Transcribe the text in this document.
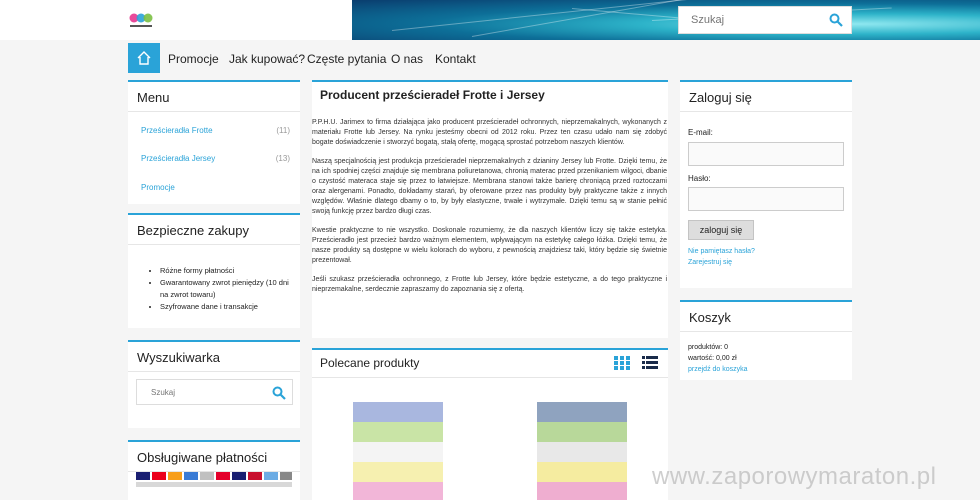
Szukaj
Promocje Jak kupować? Częste pytania O nas Kontakt
Menu
Prześcieradła Frotte	(11)
Prześcieradła Jersey	(13)
Promocje
Bezpieczne zakupy
• Różne formy płatności
• Gwarantowany zwrot pieniędzy (10 dni
na zwrot towaru)
• Szyfrowane dane i transakcje
Wyszukiwarka
Szukaj
Obsługiwane płatności
Producent prześcieradeł Frotte i Jersey

P.P.H.U. Jarimex to firma działająca jako producent prześcieradeł ochronnych, nieprzemakalnych, wykonanych z materiału Frotte lub Jersey. Na rynku jesteśmy obecni od 2012 roku. Przez ten czasu udało nam się zdobyć bogate doświadczenie i stworzyć bogatą, stałą ofertę, mogącą sprostać potrzebom naszych klientów.

Naszą specjalnością jest produkcja prześcieradeł nieprzemakalnych z dzianiny Jersey lub Frotte. Dzięki temu, że na ich spodniej części znajduje się membrana poliuretanowa, chronią materac przed przenikaniem wilgoci, dbanie o czystość materaca staje się przez to łatwiejsze. Membrana stanowi także barierę chroniącą przed roztoczami oraz alergenami. Ponadto, dokładamy starań, by oferowane przez nas produkty były praktyczne także z innych względów. Właśnie dlatego dbamy o to, by były elastyczne, trwałe i wytrzymałe. Dzięki temu są w stanie pełnić swoją funkcję przez bardzo długi czas.

Kwestie praktyczne to nie wszystko. Doskonale rozumiemy, że dla naszych klientów liczy się także estetyka. Prześcieradło jest przecież bardzo ważnym elementem, wpływającym na estetykę całego łóżka. Dzięki temu, że nasze produkty są dostępne w wielu kolorach do wyboru, z pewnością znajdziesz taki, który będzie się świetnie prezentował.

Jeśli szukasz prześcieradła ochronnego, z Frotte lub Jersey, które będzie estetyczne, a do tego praktyczne i nieprzemakalne, serdecznie zapraszamy do zapoznania się z ofertą.

Polecane produkty

Zaloguj się
E-mail:
Hasło:
zaloguj się
Nie pamiętasz hasła?
Zarejestruj się
Koszyk
produktów: 0
wartość: 0,00 zł
przejdź do koszyka
www.zaporowymaraton.pl
